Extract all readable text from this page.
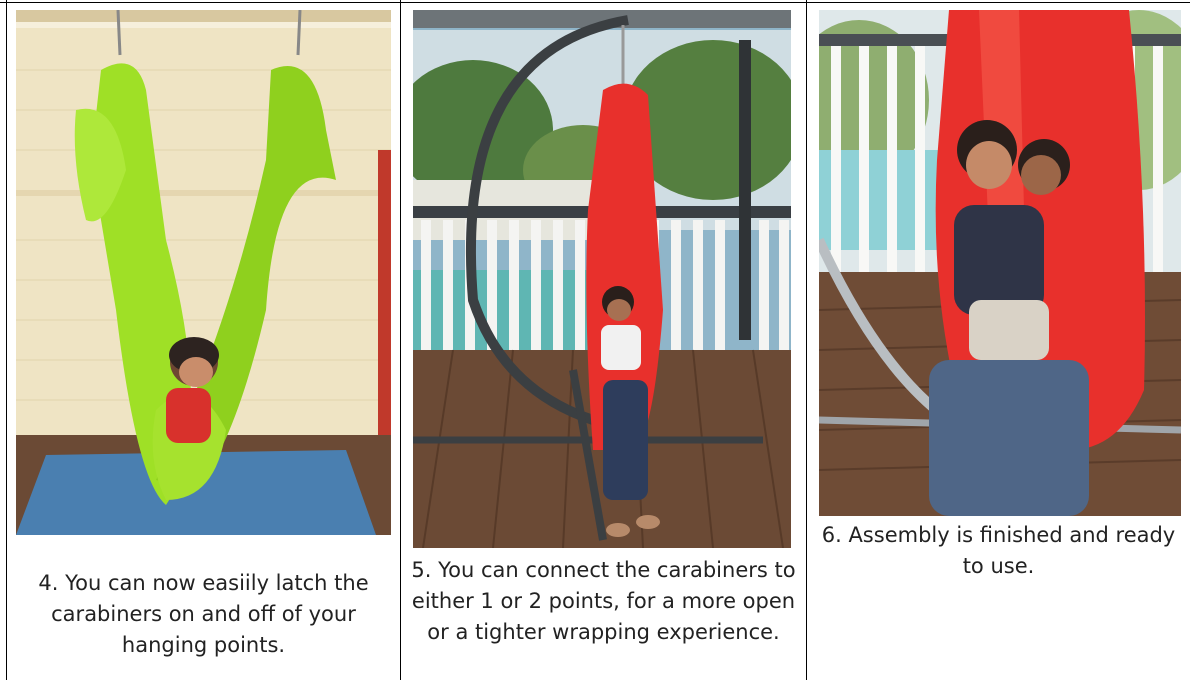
4. You can now easiily latch the carabiners on and off of your hanging points.
5. You can connect the carabiners to either 1 or 2 points, for a more open or a tighter wrapping experience.
6. Assembly is finished and ready to use.
